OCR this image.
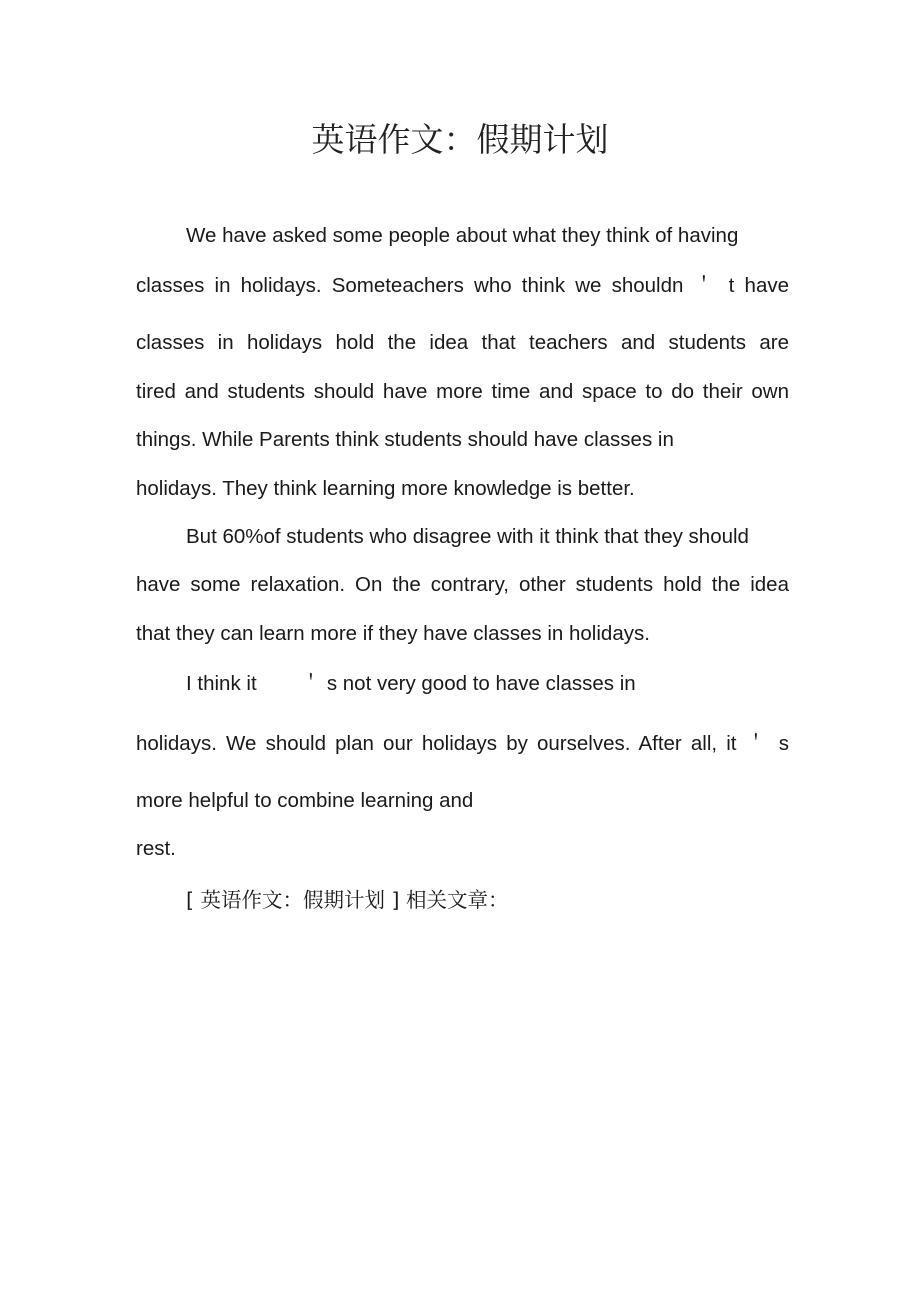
英语作文：假期计划
We have asked some people about what they think of having
classes in holidays. Someteachers who think we shouldn ＇ t have
classes in holidays hold the idea that teachers and students are
tired and students should have more time and space to do their own
things. While Parents think students should have classes in
holidays. They think learning more knowledge is better.
But 60%of students who disagree with it think that they should
have some relaxation. On the contrary, other students hold the idea
that they can learn more if they have classes in holidays.
I think it ＇ s not very good to have classes in
holidays. We should plan our holidays by ourselves. After all, it ＇ s
more helpful to combine learning and
rest.
[ 英语作文：假期计划 ] 相关文章：
